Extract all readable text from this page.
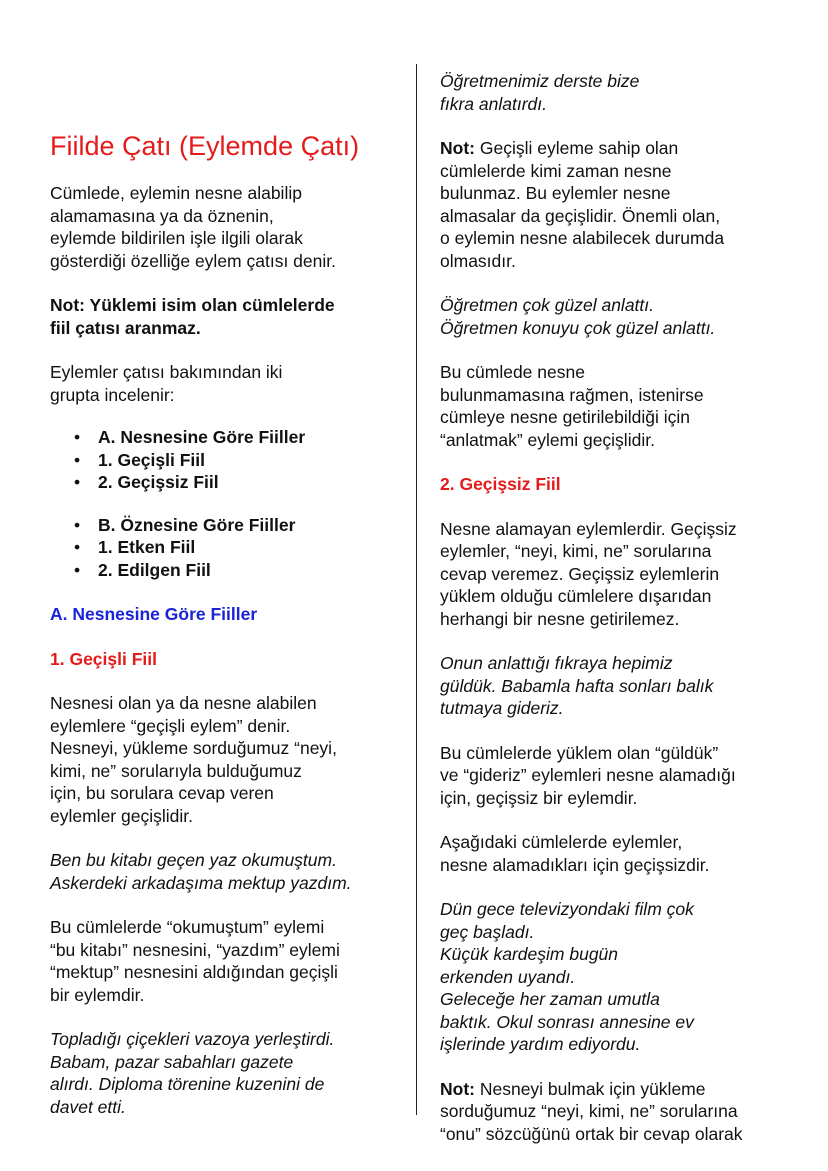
Fiilde Çatı (Eylemde Çatı)

Cümlede, eylemin nesne alabilip
alamamasına ya da öznenin,
eylemde bildirilen işle ilgili olarak
gösterdiği özelliğe eylem çatısı denir.

Not: Yüklemi isim olan cümlelerde
fiil çatısı aranmaz.

Eylemler çatısı bakımından iki
grupta incelenir:

• A. Nesnesine Göre Fiiller
• 1. Geçişli Fiil
• 2. Geçişsiz Fiil
• B. Öznesine Göre Fiiller
• 1. Etken Fiil
• 2. Edilgen Fiil
A. Nesnesine Göre Fiiller
1. Geçişli Fiil

Nesnesi olan ya da nesne alabilen
eylemlere “geçişli eylem” denir.
Nesneyi, yükleme sorduğumuz “neyi,
kimi, ne” sorularıyla bulduğumuz
için, bu sorulara cevap veren
eylemler geçişlidir.

Ben bu kitabı geçen yaz okumuştum.
Askerdeki arkadaşıma mektup yazdım.

Bu cümlelerde “okumuştum” eylemi
“bu kitabı” nesnesini, “yazdım” eylemi
“mektup” nesnesini aldığından geçişli
bir eylemdir.

Topladığı çiçekleri vazoya yerleştirdi.
Babam, pazar sabahları gazete
alırdı. Diploma törenine kuzenini de
davet etti.

Öğretmenimiz derste bize
fıkra anlatırdı.

Not: Geçişli eyleme sahip olan
cümlelerde kimi zaman nesne
bulunmaz. Bu eylemler nesne
almasalar da geçişlidir. Önemli olan,
o eylemin nesne alabilecek durumda
olmasıdır.

Öğretmen çok güzel anlattı.
Öğretmen konuyu çok güzel anlattı.

Bu cümlede nesne
bulunmamasına rağmen, istenirse
cümleye nesne getirilebildiği için
“anlatmak” eylemi geçişlidir.

2. Geçişsiz Fiil

Nesne alamayan eylemlerdir. Geçişsiz
eylemler, “neyi, kimi, ne” sorularına
cevap veremez. Geçişsiz eylemlerin
yüklem olduğu cümlelere dışarıdan
herhangi bir nesne getirilemez.

Onun anlattığı fıkraya hepimiz
güldük. Babamla hafta sonları balık
tutmaya gideriz.

Bu cümlelerde yüklem olan “güldük”
ve “gideriz” eylemleri nesne alamadığı
için, geçişsiz bir eylemdir.

Aşağıdaki cümlelerde eylemler,
nesne alamadıkları için geçişsizdir.

Dün gece televizyondaki film çok
geç başladı.
Küçük kardeşim bugün
erkenden uyandı.
Geleceğe her zaman umutla
baktık. Okul sonrası annesine ev
işlerinde yardım ediyordu.

Not: Nesneyi bulmak için yükleme
sorduğumuz “neyi, kimi, ne” sorularına
“onu” sözcüğünü ortak bir cevap olarak
